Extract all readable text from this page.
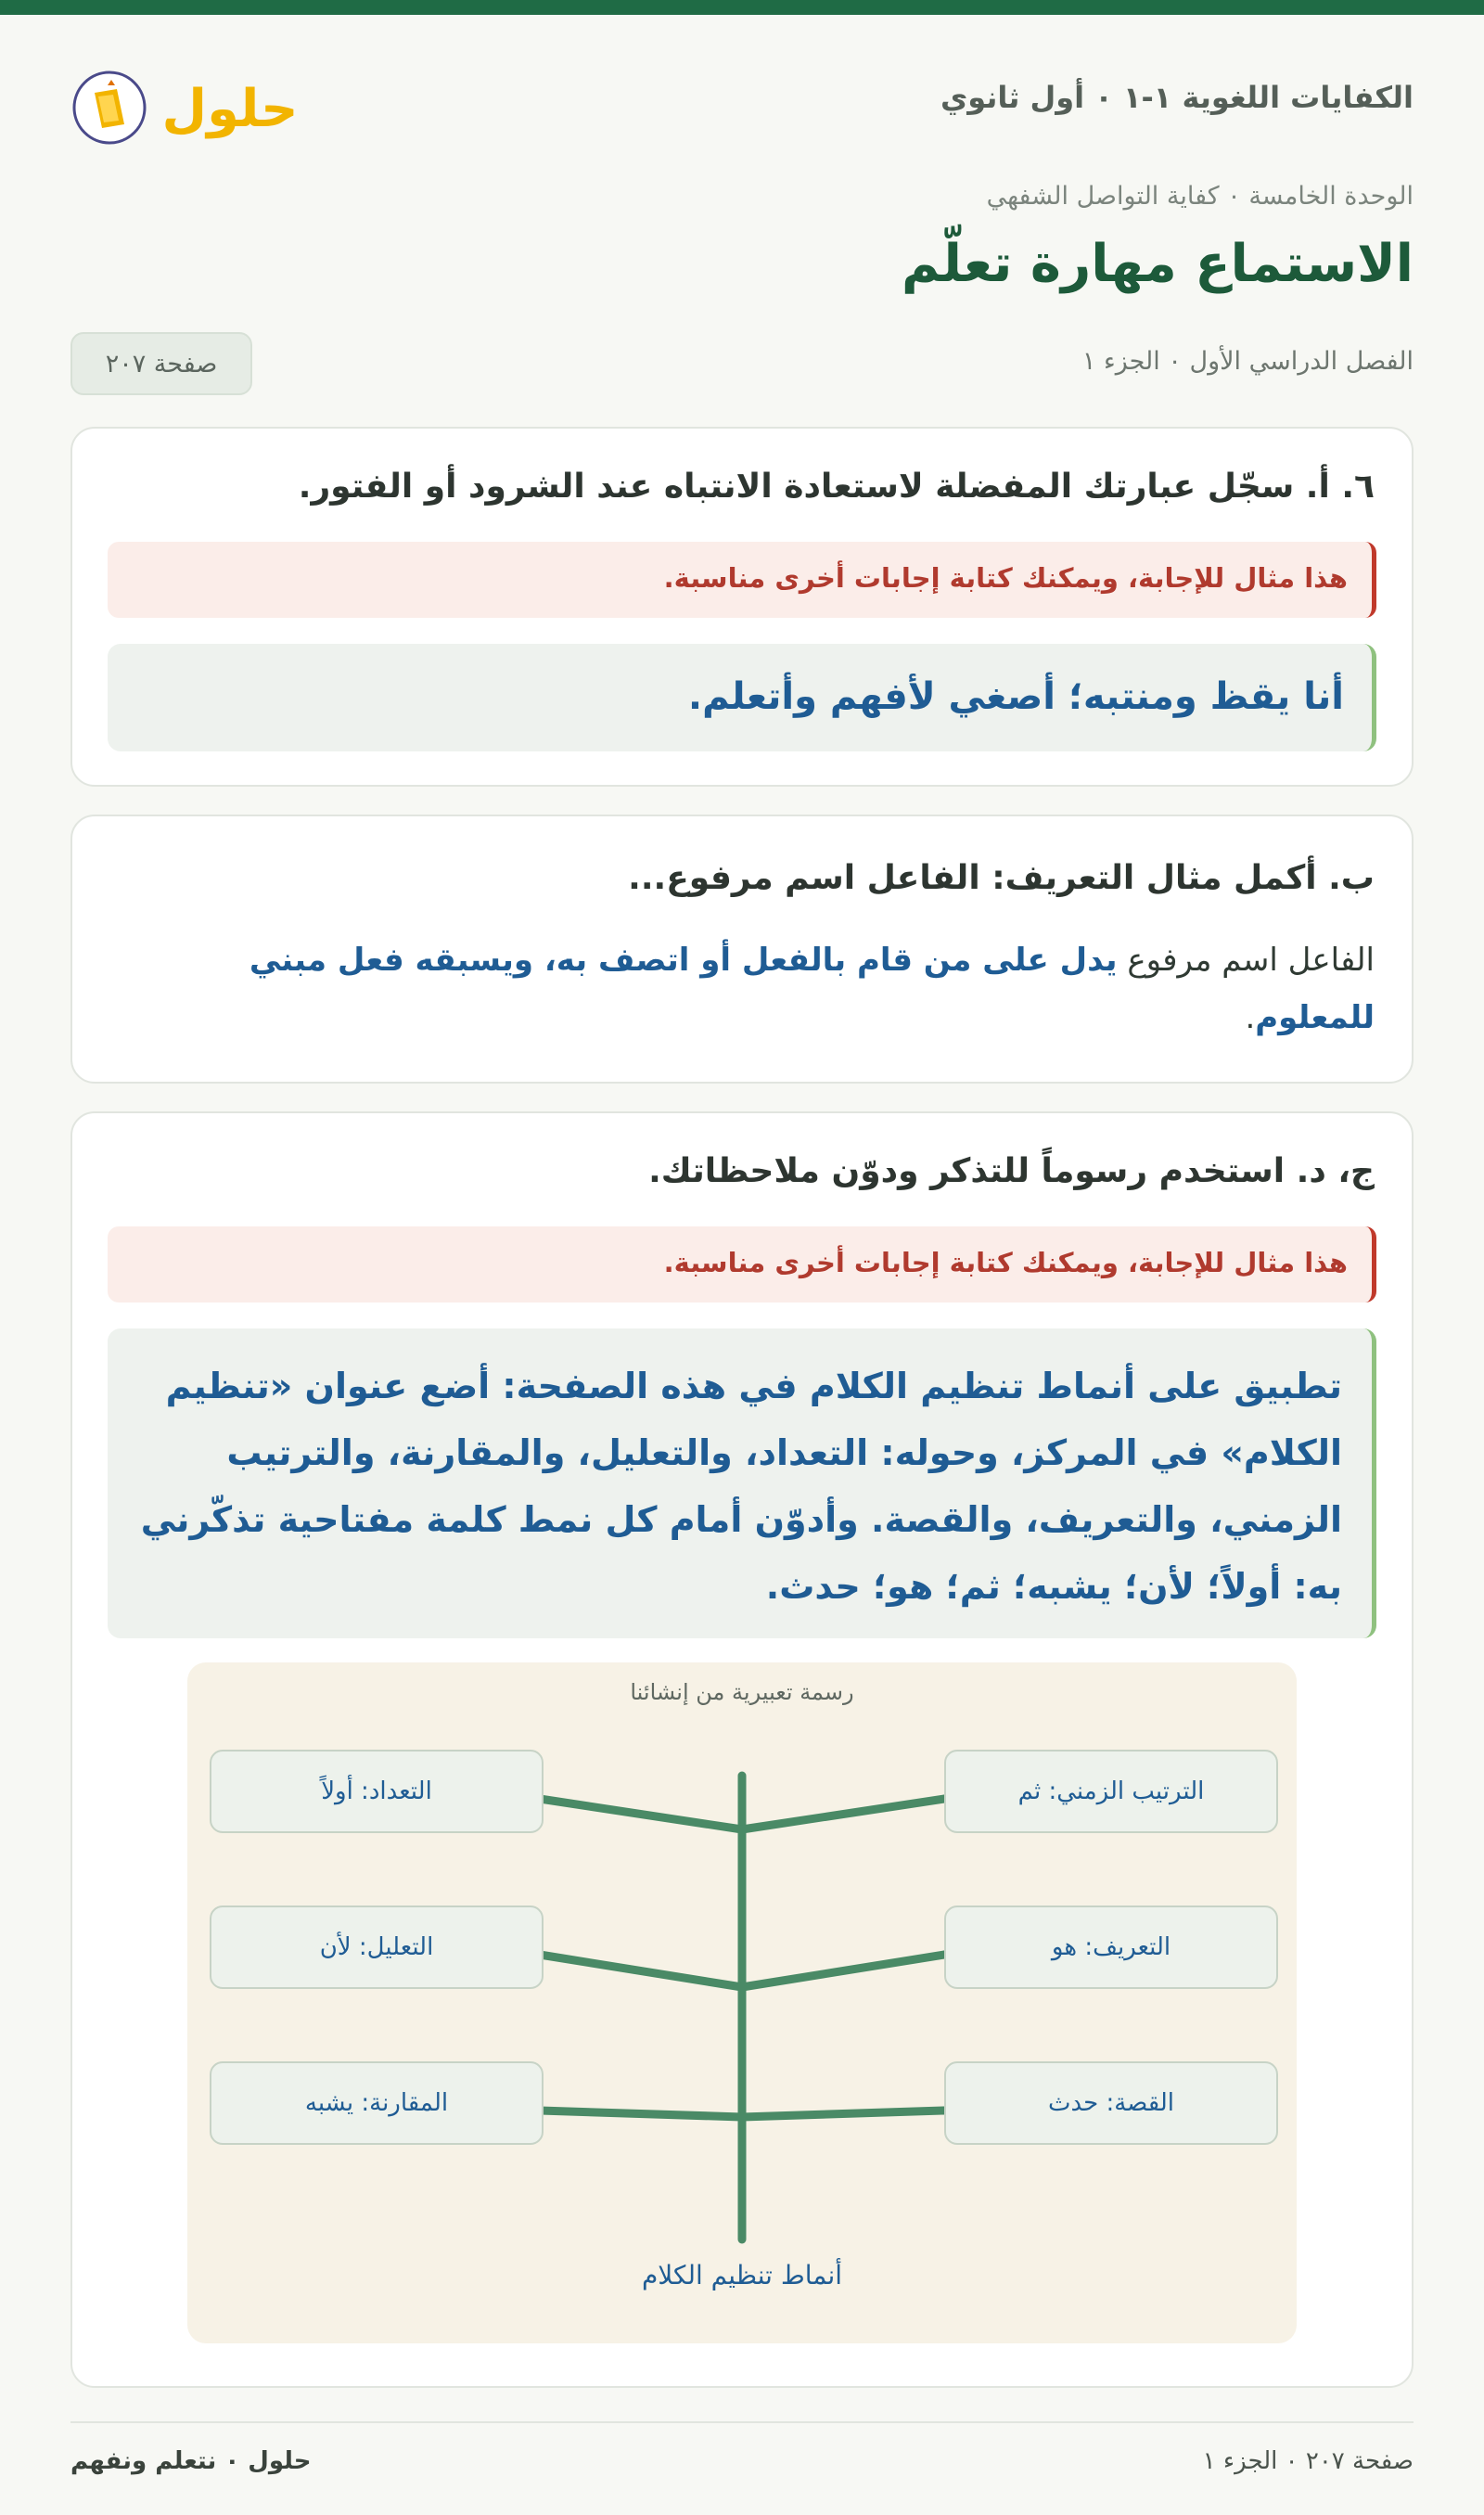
الكفايات اللغوية ١-١ ٠ أول ثانوي
حلول
الوحدة الخامسة ٠ كفاية التواصل الشفهي
الاستماع مهارة تعلّم
الفصل الدراسي الأول ٠ الجزء ١
صفحة ٢٠٧
٦. أ. سجّل عبارتك المفضلة لاستعادة الانتباه عند الشرود أو الفتور.
هذا مثال للإجابة، ويمكنك كتابة إجابات أخرى مناسبة.
أنا يقظ ومنتبه؛ أصغي لأفهم وأتعلم.
ب. أكمل مثال التعريف: الفاعل اسم مرفوع...
الفاعل اسم مرفوع يدل على من قام بالفعل أو اتصف به، ويسبقه فعل مبني للمعلوم.
ج، د. استخدم رسوماً للتذكر ودوّن ملاحظاتك.
هذا مثال للإجابة، ويمكنك كتابة إجابات أخرى مناسبة.
تطبيق على أنماط تنظيم الكلام في هذه الصفحة: أضع عنوان «تنظيم الكلام» في المركز، وحوله: التعداد، والتعليل، والمقارنة، والترتيب الزمني، والتعريف، والقصة. وأدوّن أمام كل نمط كلمة مفتاحية تذكّرني به: أولاً؛ لأن؛ يشبه؛ ثم؛ هو؛ حدث.
رسمة تعبيرية من إنشائنا
التعداد: أولاً
التعليل: لأن
المقارنة: يشبه
الترتيب الزمني: ثم
التعريف: هو
القصة: حدث
أنماط تنظيم الكلام
صفحة ٢٠٧ ٠ الجزء ١
حلول ٠ نتعلم ونفهم
